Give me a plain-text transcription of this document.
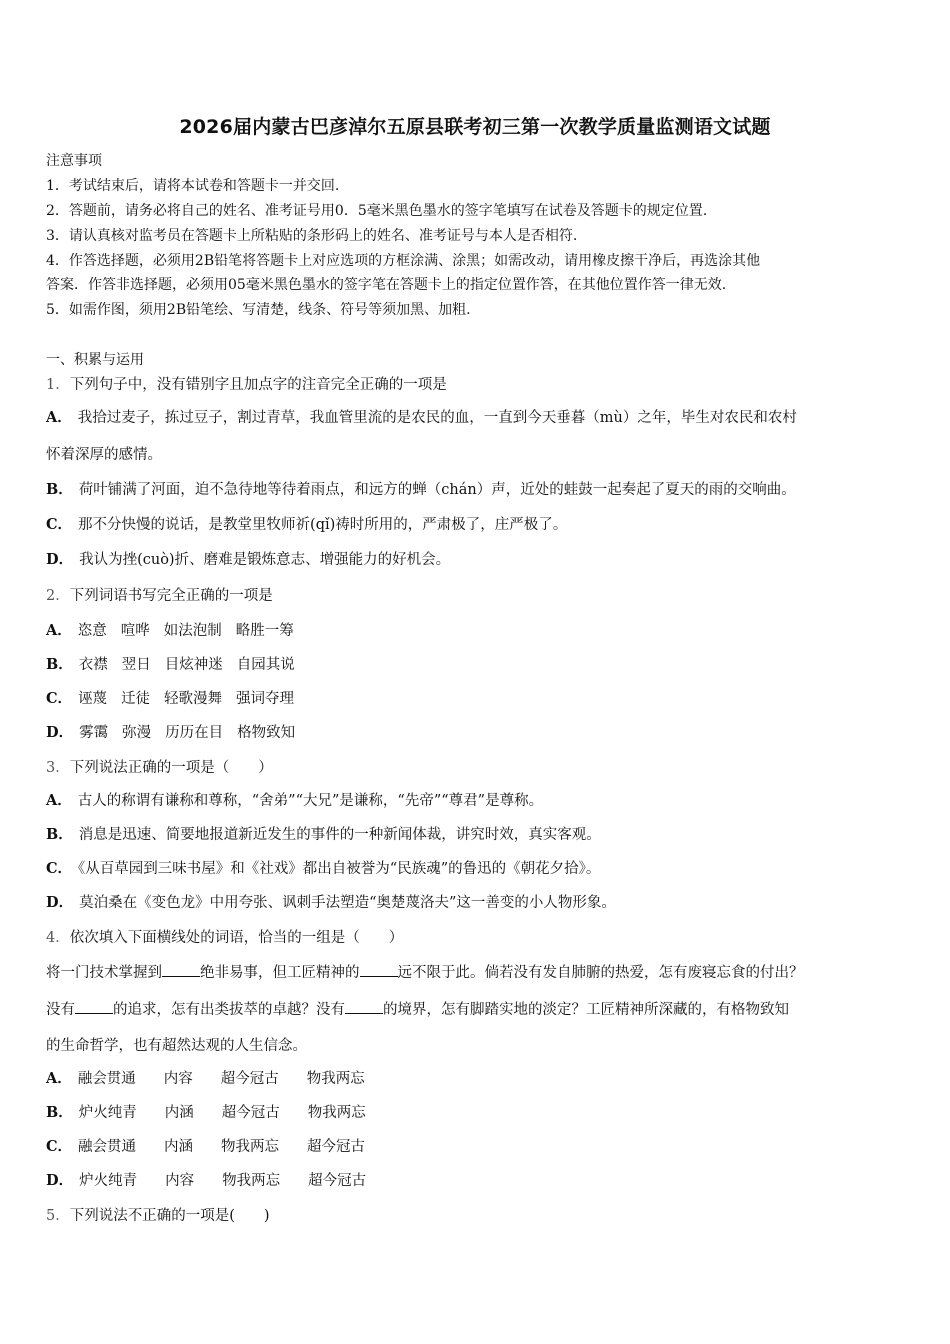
2026届内蒙古巴彦淖尔五原县联考初三第一次教学质量监测语文试题
注意事项
1．考试结束后，请将本试卷和答题卡一并交回.
2．答题前，请务必将自己的姓名、准考证号用0．5毫米黑色墨水的签字笔填写在试卷及答题卡的规定位置.
3．请认真核对监考员在答题卡上所粘贴的条形码上的姓名、准考证号与本人是否相符.
4．作答选择题，必须用2B铅笔将答题卡上对应选项的方框涂满、涂黑；如需改动，请用橡皮擦干净后，再选涂其他
答案．作答非选择题，必须用05毫米黑色墨水的签字笔在答题卡上的指定位置作答，在其他位置作答一律无效.
5．如需作图，须用2B铅笔绘、写清楚，线条、符号等须加黑、加粗.
一、积累与运用
1．下列句子中，没有错别字且加点字的注音完全正确的一项是
A． 我拾过麦子，拣过豆子，割过青草，我血管里流的是农民的血，一直到今天垂暮（mù）之年，毕生对农民和农村
怀着深厚的感情。
B． 荷叶铺满了河面，迫不急待地等待着雨点，和远方的蝉（chán）声，近处的蛙鼓一起奏起了夏天的雨的交响曲。
C． 那不分快慢的说话，是教堂里牧师祈(qǐ)祷时所用的，严肃极了，庄严极了。
D． 我认为挫(cuò)折、磨难是锻炼意志、增强能力的好机会。
2．下列词语书写完全正确的一项是
A． 恣意 喧哗 如法泡制 略胜一筹
B． 衣襟 翌日 目炫神迷 自园其说
C． 诬蔑 迁徒 轻歌漫舞 强词夺理
D． 雾霭 弥漫 历历在目 格物致知
3．下列说法正确的一项是（　　）
A． 古人的称谓有谦称和尊称，“舍弟”“大兄”是谦称，“先帝”“尊君”是尊称。
B． 消息是迅速、简要地报道新近发生的事件的一种新闻体裁，讲究时效，真实客观。
C． 《从百草园到三味书屋》和《社戏》都出自被誉为“民族魂”的鲁迅的《朝花夕拾》。
D． 莫泊桑在《变色龙》中用夸张、讽刺手法塑造“奥楚蔑洛夫”这一善变的小人物形象。
4．依次填入下面横线处的词语，恰当的一组是（　　）
将一门技术掌握到	绝非易事，但工匠精神的	远不限于此。倘若没有发自肺腑的热爱，怎有废寝忘食的付出？
没有	的追求，怎有出类拔萃的卓越？没有	的境界，怎有脚踏实地的淡定？工匠精神所深藏的，有格物致知
的生命哲学，也有超然达观的人生信念。
A． 融会贯通 内容 超今冠古 物我两忘
B． 炉火纯青 内涵 超今冠古 物我两忘
C． 融会贯通 内涵 物我两忘 超今冠古
D． 炉火纯青 内容 物我两忘 超今冠古
5．下列说法不正确的一项是(　　)
